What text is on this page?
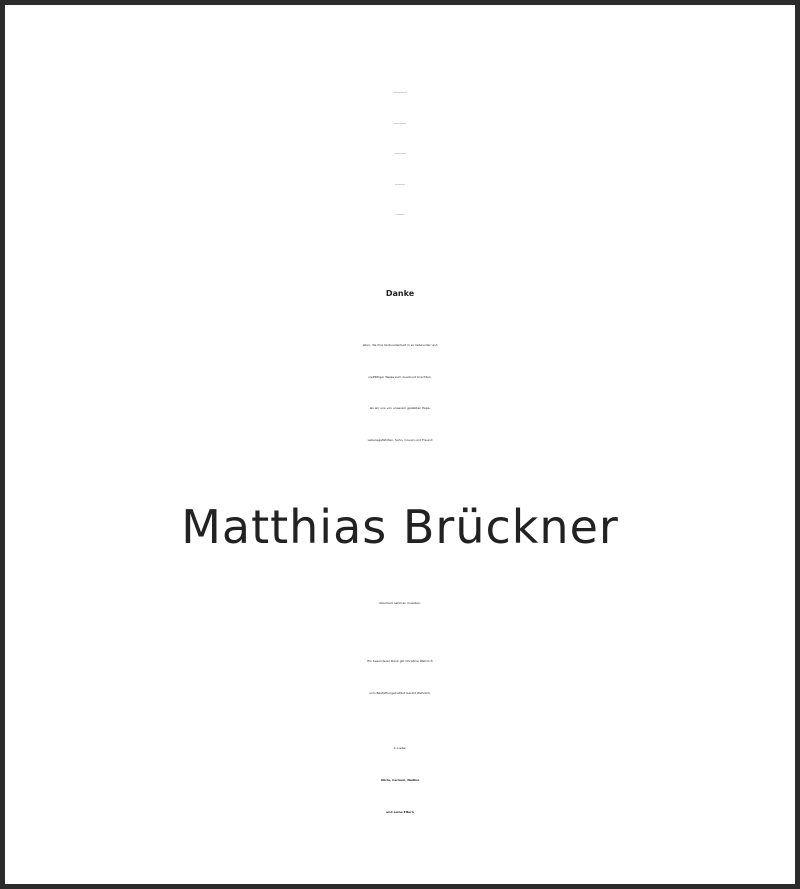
Danke
allen, die ihre Verbundenheit in so liebevoller und
vielfältiger Weise zum Ausdruck brachten,
als wir uns von unserem geliebten Papa,
Lebensgefährten, Sohn, Cousin und Freund
Matthias Brückner
Abschied nehmen mussten.
Ein besonderer Dank gilt Christine Wahrlich
vom Bestattungsinstitut Gerald Wahrlich.
In Liebe:
Alicia, Carmen, Nadine
und seine Eltern
